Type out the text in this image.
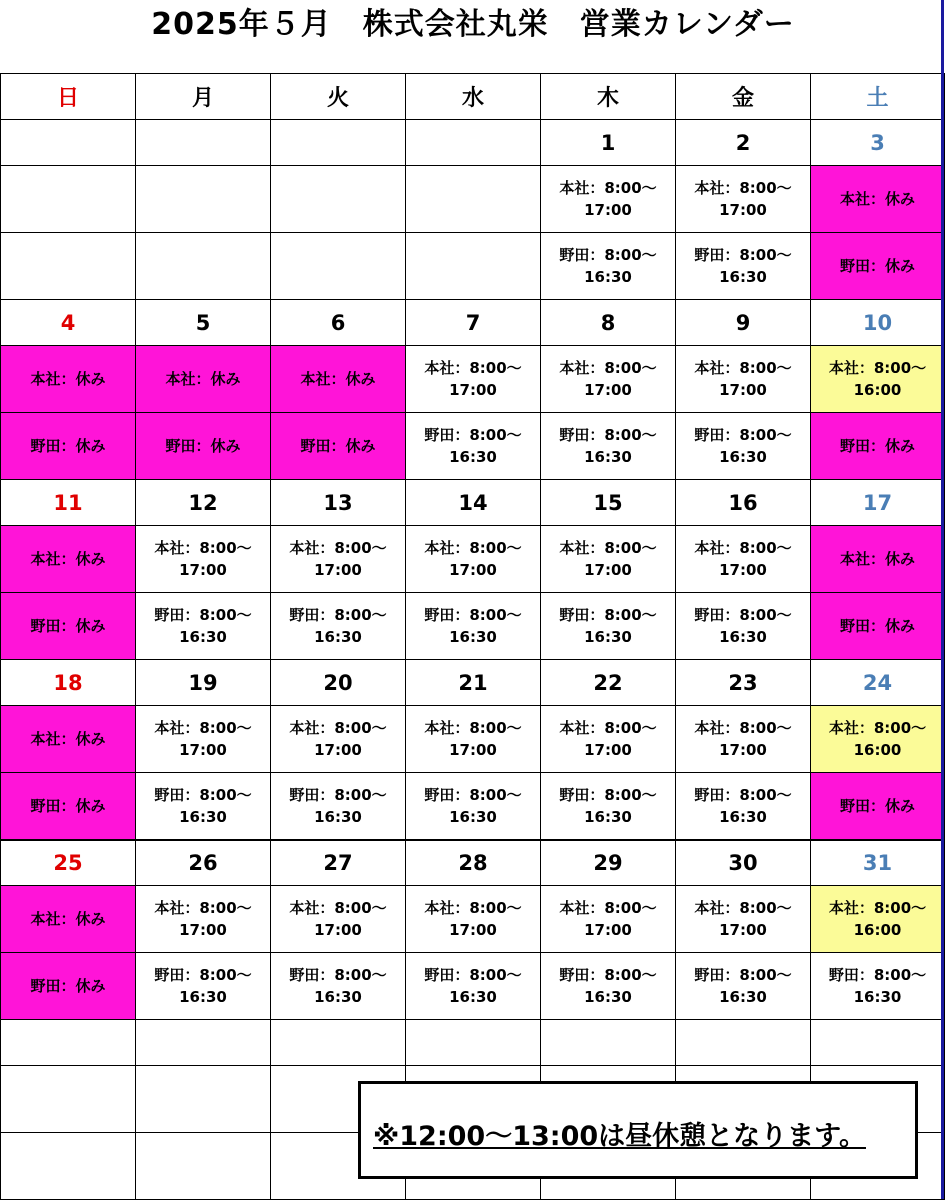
2025年５月　株式会社丸栄　営業カレンダー
日	月	火	水	木	金	土
				1	2	3

				本社：8:00～
17:00	本社：8:00～
17:00	本社：休み

				野田：8:00～
16:30	野田：8:00～
16:30	野田：休み
4	5	6	7	8	9	10
本社：休み	本社：休み	本社：休み	本社：8:00～
17:00	本社：8:00～
17:00	本社：8:00～
17:00	本社：8:00～
16:00

野田：休み	野田：休み	野田：休み	野田：8:00～
16:30	野田：8:00～
16:30	野田：8:00～
16:30	野田：休み
11	12	13	14	15	16	17
本社：休み	本社：8:00～
17:00	本社：8:00～
17:00	本社：8:00～
17:00	本社：8:00～
17:00	本社：8:00～
17:00	本社：休み
野田：休み	野田：8:00～
16:30	野田：8:00～
16:30	野田：8:00～
16:30	野田：8:00～
16:30	野田：8:00～
16:30	野田：休み
18	19	20	21	22	23	24
本社：休み	本社：8:00～
17:00	本社：8:00～
17:00	本社：8:00～
17:00	本社：8:00～
17:00	本社：8:00～
17:00	本社：8:00～
16:00

野田：休み	野田：8:00～
16:30	野田：8:00～
16:30	野田：8:00～
16:30	野田：8:00～
16:30	野田：8:00～
16:30	野田：休み
25	26	27	28	29	30	31
本社：休み	本社：8:00～
17:00	本社：8:00～
17:00	本社：8:00～
17:00	本社：8:00～
17:00	本社：8:00～
17:00	本社：8:00～
16:00

野田：休み	野田：8:00～
16:30	野田：8:00～
16:30	野田：8:00～
16:30	野田：8:00～
16:30	野田：8:00～
16:30	野田：8:00～
16:30

※12:00～13:00は昼休憩となります。
